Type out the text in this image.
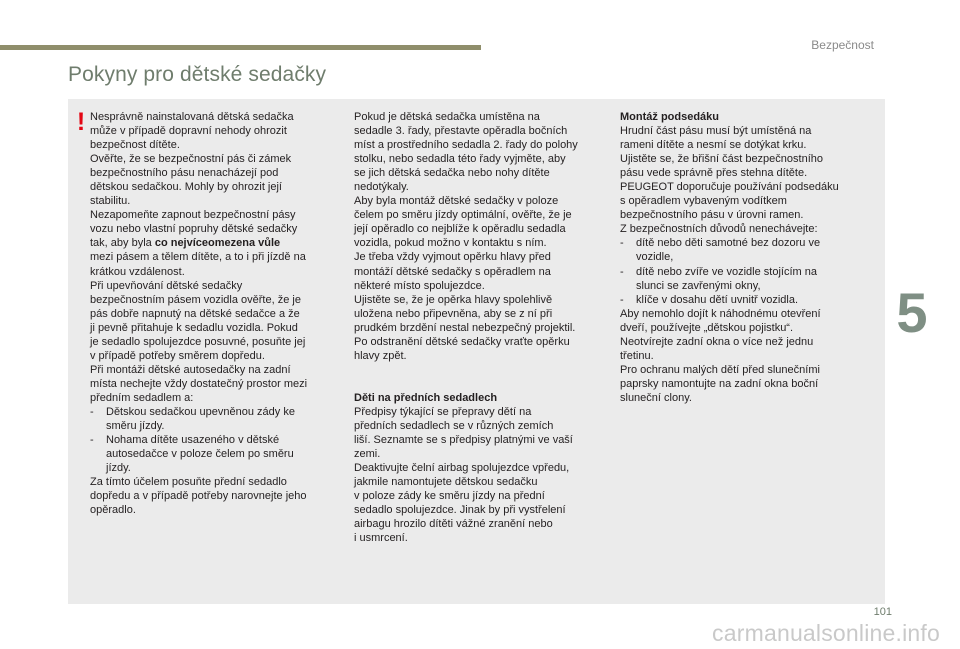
Bezpečnost
Pokyny pro dětské sedačky
! Nesprávně nainstalovaná dětská sedačka

může v případě dopravní nehody ohrozit

bezpečnost dítěte.

Ověřte, že se bezpečnostní pás či zámek

bezpečnostního pásu nenacházejí pod

dětskou sedačkou. Mohly by ohrozit její

stabilitu.

Nezapomeňte zapnout bezpečnostní pásy

vozu nebo vlastní popruhy dětské sedačky

tak, aby byla co nejvíceomezena vůle

mezi pásem a tělem dítěte, a to i při jízdě na

krátkou vzdálenost.

Při upevňování dětské sedačky

bezpečnostním pásem vozidla ověřte, že je

pás dobře napnutý na dětské sedačce a že

ji pevně přitahuje k sedadlu vozidla. Pokud

je sedadlo spolujezdce posuvné, posuňte jej

v případě potřeby směrem dopředu.

Při montáži dětské autosedačky na zadní

místa nechejte vždy dostatečný prostor mezi

předním sedadlem a:

- Dětskou sedačkou upevněnou zády ke

směru jízdy.

- Nohama dítěte usazeného v dětské

autosedačce v poloze čelem po směru

jízdy.

Za tímto účelem posuňte přední sedadlo

dopředu a v případě potřeby narovnejte jeho

opěradlo.

Pokud je dětská sedačka umístěna na

sedadle 3. řady, přestavte opěradla bočních

míst a prostředního sedadla 2. řady do polohy

stolku, nebo sedadla této řady vyjměte, aby

se jich dětská sedačka nebo nohy dítěte

nedotýkaly.

Aby byla montáž dětské sedačky v poloze

čelem po směru jízdy optimální, ověřte, že je

její opěradlo co nejblíže k opěradlu sedadla

vozidla, pokud možno v kontaktu s ním.

Je třeba vždy vyjmout opěrku hlavy před

montáží dětské sedačky s opěradlem na

některé místo spolujezdce.

Ujistěte se, že je opěrka hlavy spolehlivě

uložena nebo připevněna, aby se z ní při

prudkém brzdění nestal nebezpečný projektil.

Po odstranění dětské sedačky vraťte opěrku

hlavy zpět.

Děti na předních sedadlech

Předpisy týkající se přepravy dětí na

předních sedadlech se v různých zemích

liší. Seznamte se s předpisy platnými ve vaší

zemi.

Deaktivujte čelní airbag spolujezdce vpředu,

jakmile namontujete dětskou sedačku

v poloze zády ke směru jízdy na přední

sedadlo spolujezdce. Jinak by při vystřelení

airbagu hrozilo dítěti vážné zranění nebo

i usmrcení.

Montáž podsedáku

Hrudní část pásu musí být umístěná na

rameni dítěte a nesmí se dotýkat krku.

Ujistěte se, že břišní část bezpečnostního

pásu vede správně přes stehna dítěte.

PEUGEOT doporučuje používání podsedáku

s opěradlem vybaveným vodítkem

bezpečnostního pásu v úrovni ramen.

Z bezpečnostních důvodů nenechávejte:

- dítě nebo děti samotné bez dozoru ve

vozidle,

- dítě nebo zvíře ve vozidle stojícím na

slunci se zavřenými okny,

- klíče v dosahu dětí uvnitř vozidla.

Aby nemohlo dojít k náhodnému otevření

dveří, používejte „dětskou pojistku“.

Neotvírejte zadní okna o více než jednu

třetinu.

Pro ochranu malých dětí před slunečními

paprsky namontujte na zadní okna boční

sluneční clony.

5
101
carmanualsonline.info
